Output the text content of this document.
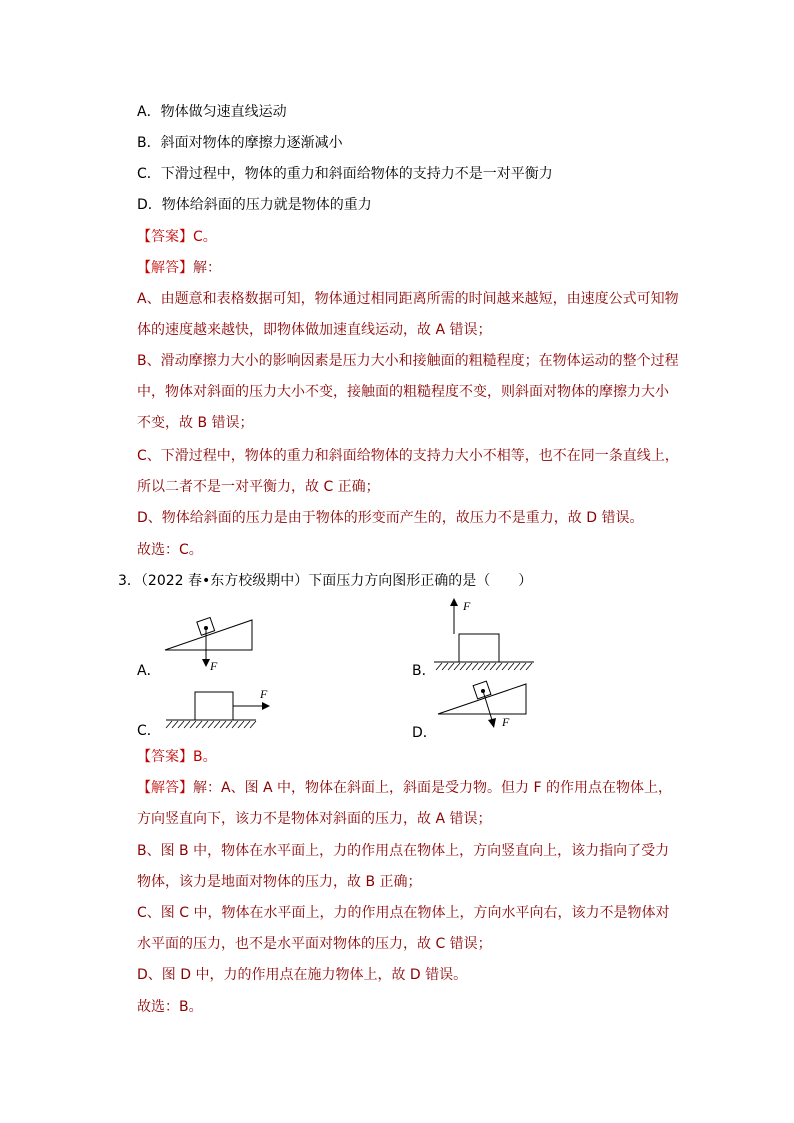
A．物体做匀速直线运动
B．斜面对物体的摩擦力逐渐减小
C．下滑过程中，物体的重力和斜面给物体的支持力不是一对平衡力
D．物体给斜面的压力就是物体的重力
【答案】C。
【解答】解：
A、由题意和表格数据可知，物体通过相同距离所需的时间越来越短，由速度公式可知物
体的速度越来越快，即物体做加速直线运动，故 A 错误；
B、滑动摩擦力大小的影响因素是压力大小和接触面的粗糙程度；在物体运动的整个过程
中，物体对斜面的压力大小不变，接触面的粗糙程度不变，则斜面对物体的摩擦力大小
不变，故 B 错误；
C、下滑过程中，物体的重力和斜面给物体的支持力大小不相等，也不在同一条直线上，
所以二者不是一对平衡力，故 C 正确；
D、物体给斜面的压力是由于物体的形变而产生的，故压力不是重力，故 D 错误。
故选：C。
3．（2022 春•东方校级期中）下面压力方向图形正确的是（　　）
F
A．
F
B．
F
C．
F
D．
【答案】B。
【解答】解：A、图 A 中，物体在斜面上，斜面是受力物。但力 F 的作用点在物体上，
方向竖直向下，该力不是物体对斜面的压力，故 A 错误；
B、图 B 中，物体在水平面上，力的作用点在物体上，方向竖直向上，该力指向了受力
物体，该力是地面对物体的压力，故 B 正确；
C、图 C 中，物体在水平面上，力的作用点在物体上，方向水平向右，该力不是物体对
水平面的压力，也不是水平面对物体的压力，故 C 错误；
D、图 D 中，力的作用点在施力物体上，故 D 错误。
故选：B。
